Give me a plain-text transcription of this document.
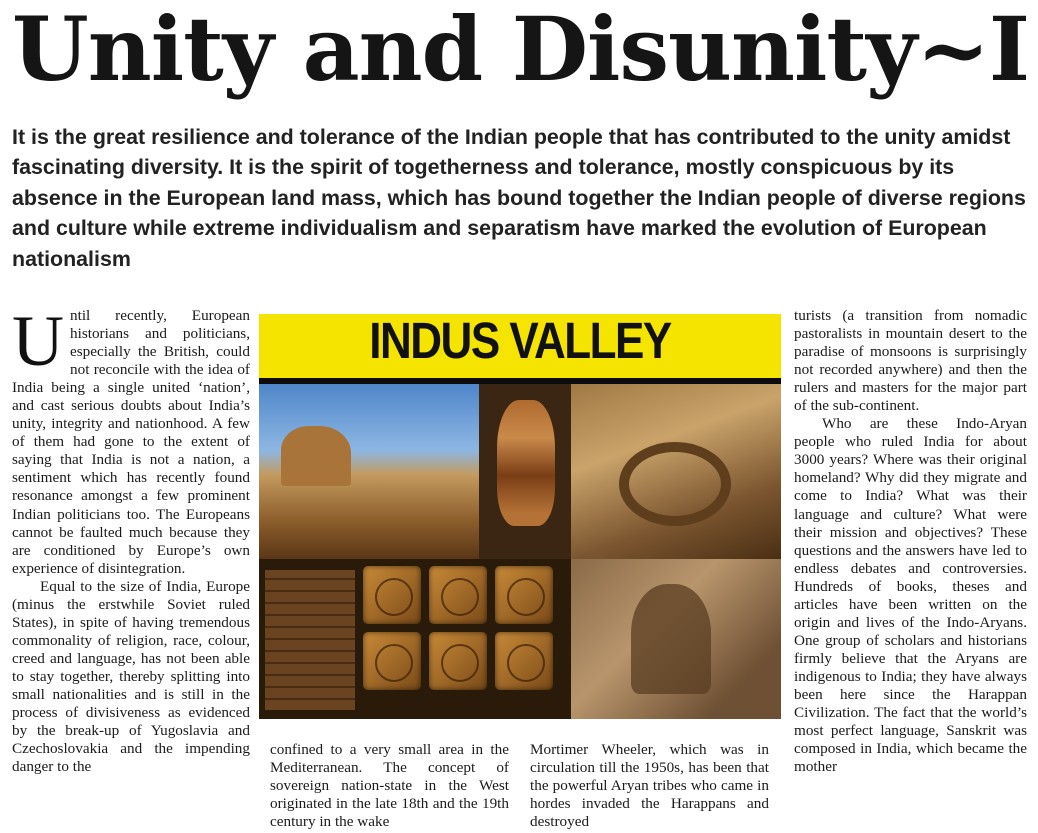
Unity and Disunity~I

It is the great resilience and tolerance of the Indian people that has contributed to the unity amidst fascinating diversity. It is the spirit of togetherness and tolerance, mostly conspicuous by its absence in the European land mass, which has bound together the Indian people of diverse regions and culture while extreme individualism and separatism have marked the evolution of European nationalism

Until recently, European historians and politicians, especially the British, could not reconcile with the idea of India being a single united ‘nation’, and cast serious doubts about India’s unity, integrity and nationhood. A few of them had gone to the extent of saying that India is not a nation, a sentiment which has recently found resonance amongst a few prominent Indian politicians too. The Europeans cannot be faulted much because they are conditioned by Europe’s own experience of disintegration.

Equal to the size of India, Europe (minus the erstwhile Soviet ruled States), in spite of having tremendous commonality of religion, race, colour, creed and language, has not been able to stay together, thereby splitting into small nationalities and is still in the process of divisiveness as evidenced by the break-up of Yugoslavia and Czechoslovakia and the impending danger to the

INDUS VALLEY

confined to a very small area in the Mediterranean. The concept of sovereign nation-state in the West originated in the late 18th and the 19th century in the wake

Mortimer Wheeler, which was in circulation till the 1950s, has been that the powerful Aryan tribes who came in hordes invaded the Harappans and destroyed

turists (a transition from nomadic pastoralists in mountain desert to the paradise of monsoons is surprisingly not recorded anywhere) and then the rulers and masters for the major part of the sub-continent.

Who are these Indo-Aryan people who ruled India for about 3000 years? Where was their original homeland? Why did they migrate and come to India? What was their language and culture? What were their mission and objectives? These questions and the answers have led to endless debates and controversies. Hundreds of books, theses and articles have been written on the origin and lives of the Indo-Aryans. One group of scholars and historians firmly believe that the Aryans are indigenous to India; they have always been here since the Harappan Civilization. The fact that the world’s most perfect language, Sanskrit was composed in India, which became the mother
